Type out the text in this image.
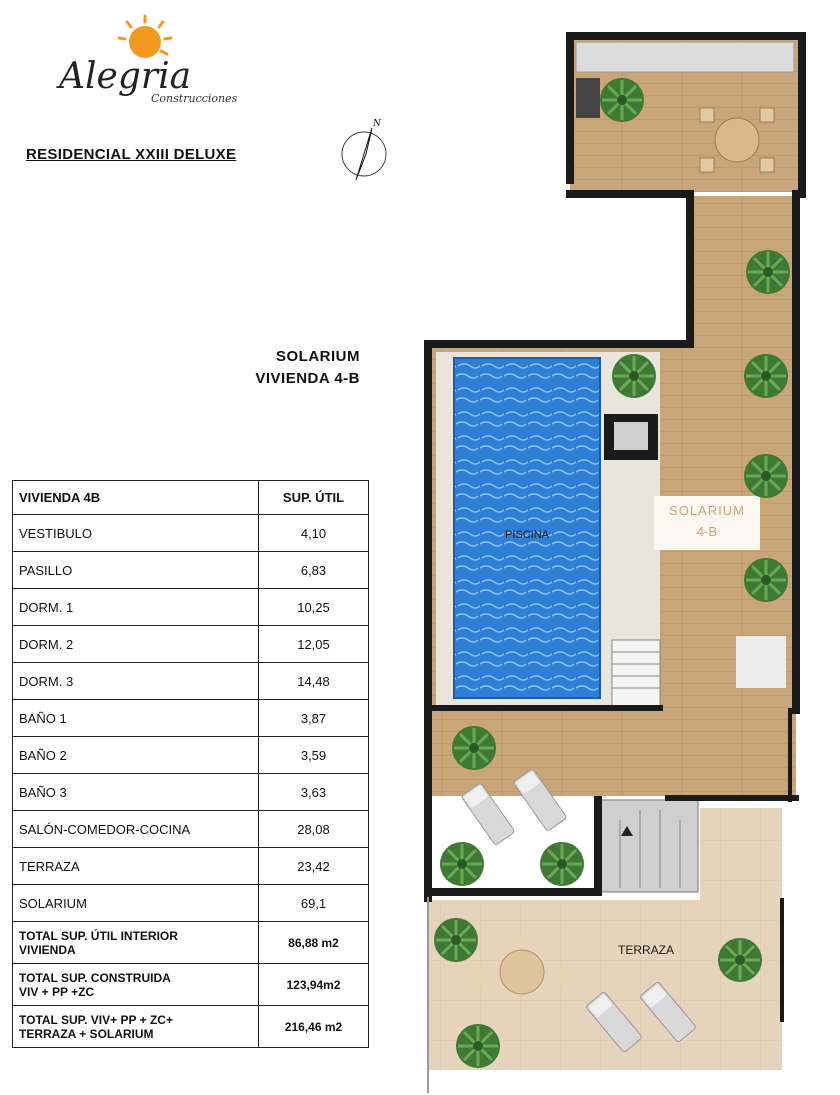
Alegria
Construcciones
RESIDENCIAL XXIII DELUXE
N
SOLARIUM
VIVIENDA 4-B
VIVIENDA 4B	SUP. ÚTIL
VESTIBULO	4,10
PASILLO	6,83
DORM. 1	10,25
DORM. 2	12,05
DORM. 3	14,48
BAÑO 1	3,87
BAÑO 2	3,59
BAÑO 3	3,63
SALÓN-COMEDOR-COCINA	28,08
TERRAZA	23,42
SOLARIUM	69,1
TOTAL SUP. ÚTIL INTERIOR
VIVIENDA	86,88 m2
TOTAL SUP. CONSTRUIDA
VIV + PP +ZC	123,94m2
TOTAL SUP. VIV+ PP + ZC+
TERRAZA + SOLARIUM	216,46 m2
PISCINA
SOLARIUM
4-B
TERRAZA
